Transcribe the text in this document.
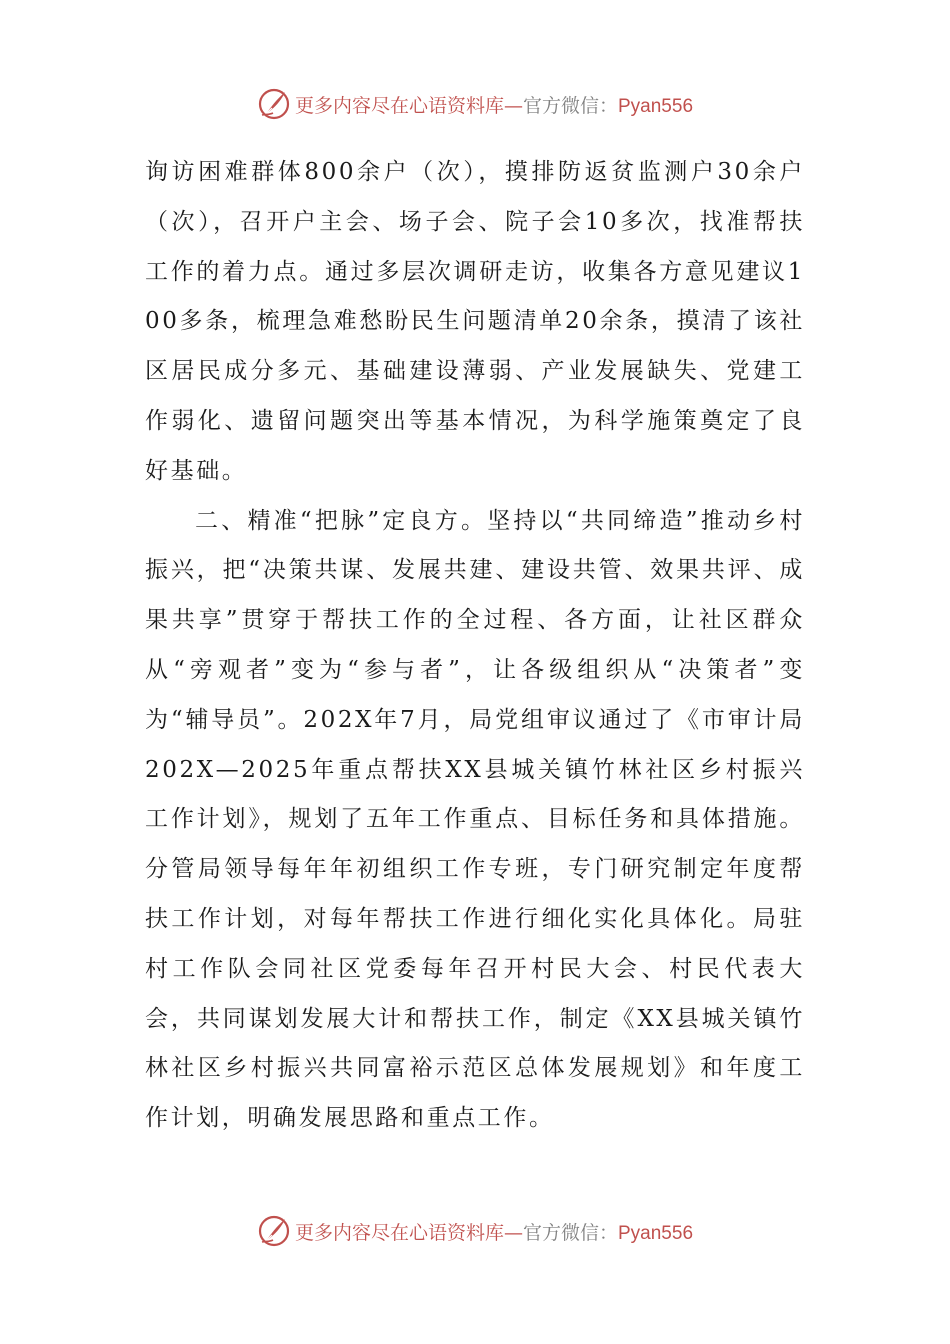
更多内容尽在心语资料库—官方微信：Pyan556

询访困难群体800余户（次），摸排防返贫监测户30余户（次），召开户主会、场子会、院子会10多次，找准帮扶工作的着力点。通过多层次调研走访，收集各方意见建议100多条，梳理急难愁盼民生问题清单20余条，摸清了该社区居民成分多元、基础建设薄弱、产业发展缺失、党建工作弱化、遗留问题突出等基本情况，为科学施策奠定了良好基础。

二、精准“把脉”定良方。坚持以“共同缔造”推动乡村振兴，把“决策共谋、发展共建、建设共管、效果共评、成果共享”贯穿于帮扶工作的全过程、各方面，让社区群众从“旁观者”变为“参与者”，让各级组织从“决策者”变为“辅导员”。202X年7月，局党组审议通过了《市审计局202X—2025年重点帮扶XX县城关镇竹林社区乡村振兴工作计划》，规划了五年工作重点、目标任务和具体措施。分管局领导每年年初组织工作专班，专门研究制定年度帮扶工作计划，对每年帮扶工作进行细化实化具体化。局驻村工作队会同社区党委每年召开村民大会、村民代表大会，共同谋划发展大计和帮扶工作，制定《XX县城关镇竹林社区乡村振兴共同富裕示范区总体发展规划》和年度工作计划，明确发展思路和重点工作。

更多内容尽在心语资料库—官方微信：Pyan556
